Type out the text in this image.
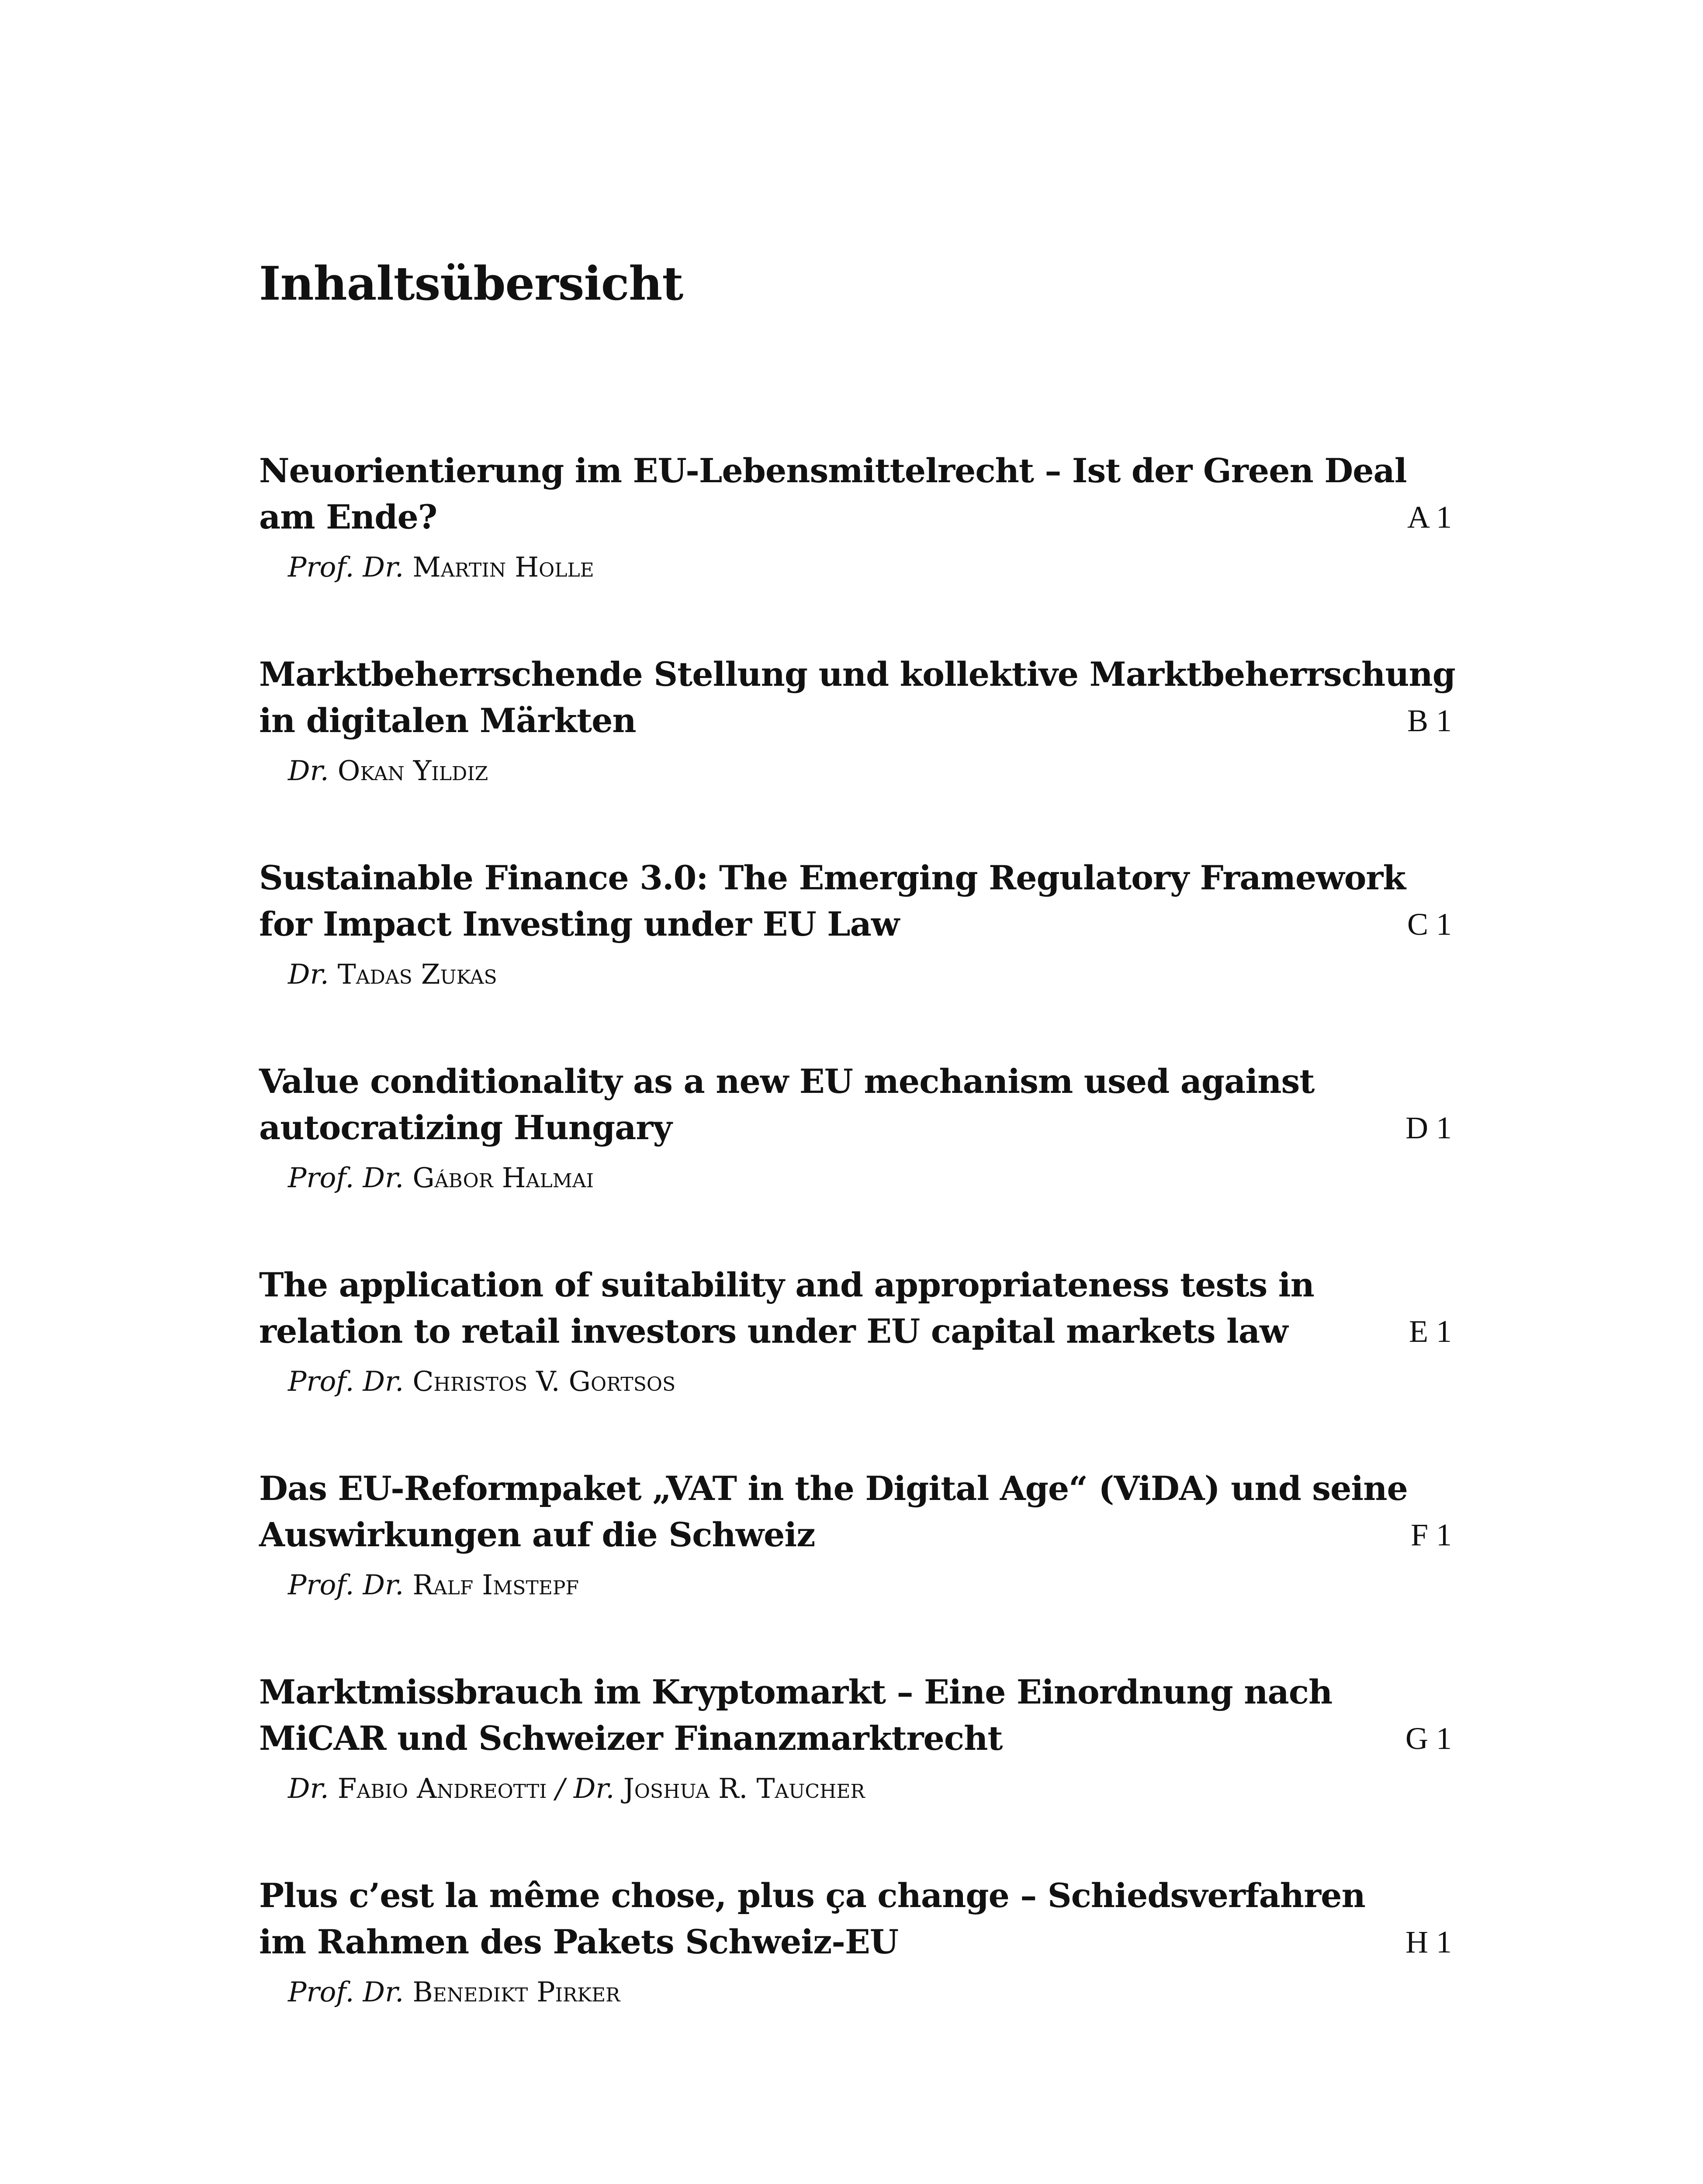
Inhaltsübersicht
Neuorientierung im EU-Lebensmittelrecht – Ist der Green Deal
am Ende?
Prof. Dr. Martin Holle
A 1
Marktbeherrschende Stellung und kollektive Marktbeherrschung
in digitalen Märkten
Dr. Okan Yildiz
B 1
Sustainable Finance 3.0: The Emerging Regulatory Framework
for Impact Investing under EU Law
Dr. Tadas Zukas
C 1
Value conditionality as a new EU mechanism used against
autocratizing Hungary
Prof. Dr. Gábor Halmai
D 1
The application of suitability and appropriateness tests in
relation to retail investors under EU capital markets law
Prof. Dr. Christos V. Gortsos
E 1
Das EU-Reformpaket „VAT in the Digital Age“ (ViDA) und seine
Auswirkungen auf die Schweiz
Prof. Dr. Ralf Imstepf
F 1
Marktmissbrauch im Kryptomarkt – Eine Einordnung nach
MiCAR und Schweizer Finanzmarktrecht
Dr. Fabio Andreotti / Dr. Joshua R. Taucher
G 1
Plus c’est la même chose, plus ça change – Schiedsverfahren
im Rahmen des Pakets Schweiz-EU
Prof. Dr. Benedikt Pirker
H 1
